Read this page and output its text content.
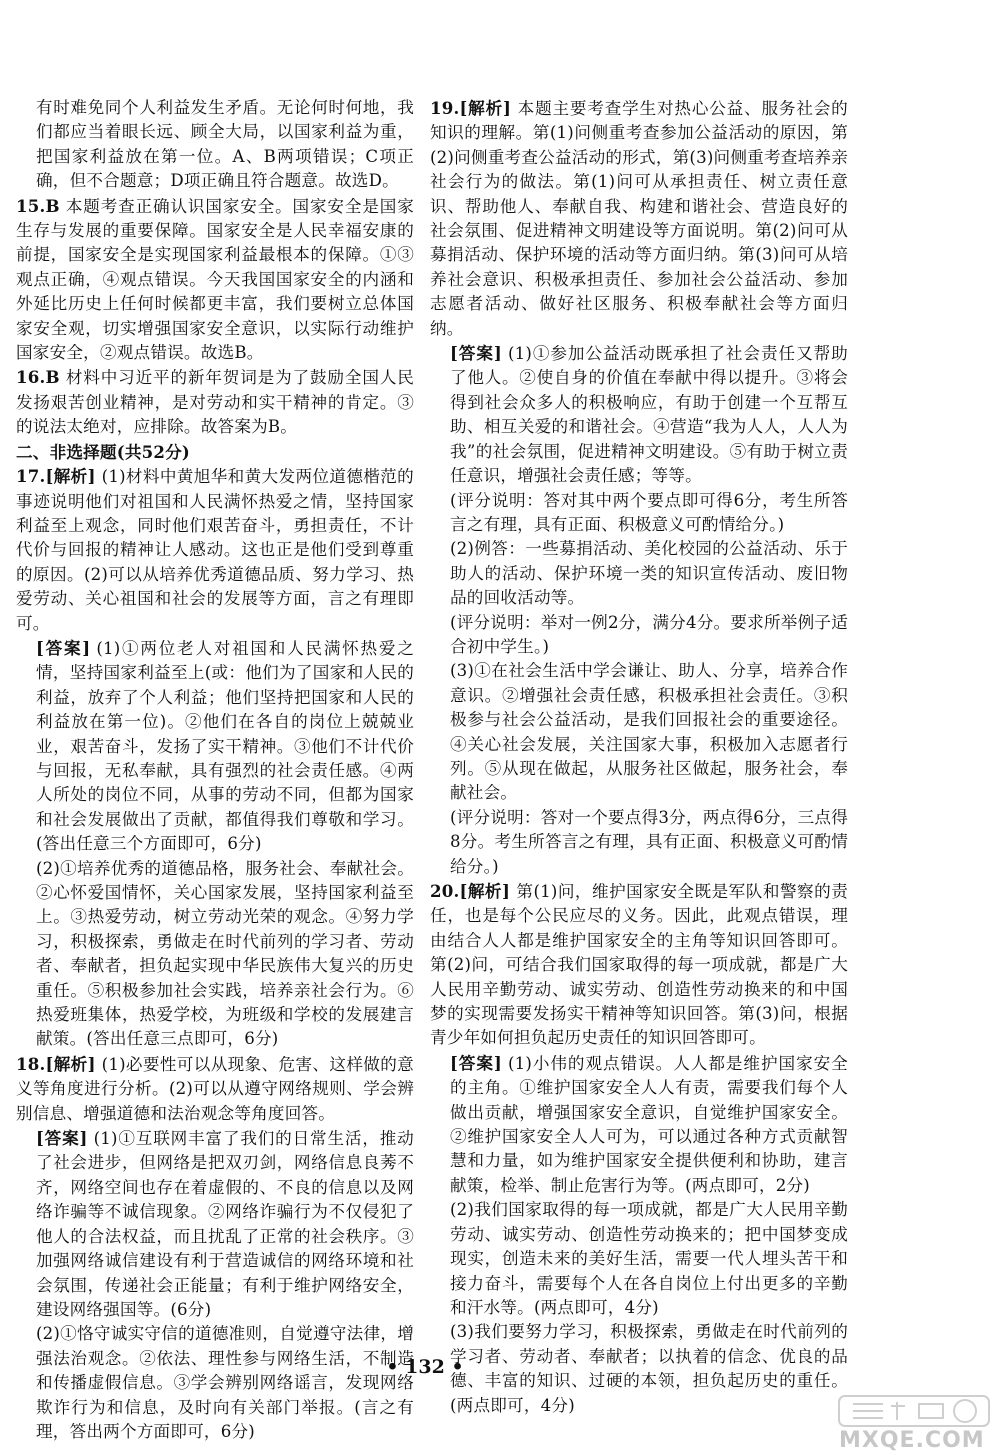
有时难免同个人利益发生矛盾。无论何时何地，我们都应当着眼长远、顾全大局，以国家利益为重，把国家利益放在第一位。A、B两项错误；C项正确，但不合题意；D项正确且符合题意。故选D。

15.B 本题考查正确认识国家安全。国家安全是国家生存与发展的重要保障。国家安全是人民幸福安康的前提，国家安全是实现国家利益最根本的保障。①③观点正确，④观点错误。今天我国国家安全的内涵和外延比历史上任何时候都更丰富，我们要树立总体国家安全观，切实增强国家安全意识，以实际行动维护国家安全，②观点错误。故选B。

16.B 材料中习近平的新年贺词是为了鼓励全国人民发扬艰苦创业精神，是对劳动和实干精神的肯定。③的说法太绝对，应排除。故答案为B。

二、非选择题(共52分)

17.[解析] (1)材料中黄旭华和黄大发两位道德楷范的事迹说明他们对祖国和人民满怀热爱之情，坚持国家利益至上观念，同时他们艰苦奋斗，勇担责任，不计代价与回报的精神让人感动。这也正是他们受到尊重的原因。(2)可以从培养优秀道德品质、努力学习、热爱劳动、关心祖国和社会的发展等方面，言之有理即可。

[答案] (1)①两位老人对祖国和人民满怀热爱之情，坚持国家利益至上(或：他们为了国家和人民的利益，放弃了个人利益；他们坚持把国家和人民的利益放在第一位)。②他们在各自的岗位上兢兢业业，艰苦奋斗，发扬了实干精神。③他们不计代价与回报，无私奉献，具有强烈的社会责任感。④两人所处的岗位不同，从事的劳动不同，但都为国家和社会发展做出了贡献，都值得我们尊敬和学习。(答出任意三个方面即可，6分)

(2)①培养优秀的道德品格，服务社会、奉献社会。②心怀爱国情怀，关心国家发展，坚持国家利益至上。③热爱劳动，树立劳动光荣的观念。④努力学习，积极探索，勇做走在时代前列的学习者、劳动者、奉献者，担负起实现中华民族伟大复兴的历史重任。⑤积极参加社会实践，培养亲社会行为。⑥热爱班集体，热爱学校，为班级和学校的发展建言献策。(答出任意三点即可，6分)

18.[解析] (1)必要性可以从现象、危害、这样做的意义等角度进行分析。(2)可以从遵守网络规则、学会辨别信息、增强道德和法治观念等角度回答。

[答案] (1)①互联网丰富了我们的日常生活，推动了社会进步，但网络是把双刃剑，网络信息良莠不齐，网络空间也存在着虚假的、不良的信息以及网络诈骗等不诚信现象。②网络诈骗行为不仅侵犯了他人的合法权益，而且扰乱了正常的社会秩序。③加强网络诚信建设有利于营造诚信的网络环境和社会氛围，传递社会正能量；有利于维护网络安全，建设网络强国等。(6分)

(2)①恪守诚实守信的道德准则，自觉遵守法律，增强法治观念。②依法、理性参与网络生活，不制造和传播虚假信息。③学会辨别网络谣言，发现网络欺诈行为和信息，及时向有关部门举报。(言之有理，答出两个方面即可，6分)

19.[解析] 本题主要考查学生对热心公益、服务社会的知识的理解。第(1)问侧重考查参加公益活动的原因，第(2)问侧重考查公益活动的形式，第(3)问侧重考查培养亲社会行为的做法。第(1)问可从承担责任、树立责任意识、帮助他人、奉献自我、构建和谐社会、营造良好的社会氛围、促进精神文明建设等方面说明。第(2)问可从募捐活动、保护环境的活动等方面归纳。第(3)问可从培养社会意识、积极承担责任、参加社会公益活动、参加志愿者活动、做好社区服务、积极奉献社会等方面归纳。

[答案] (1)①参加公益活动既承担了社会责任又帮助了他人。②使自身的价值在奉献中得以提升。③将会得到社会众多人的积极响应，有助于创建一个互帮互助、相互关爱的和谐社会。④营造“我为人人，人人为我”的社会氛围，促进精神文明建设。⑤有助于树立责任意识，增强社会责任感；等等。

(评分说明：答对其中两个要点即可得6分，考生所答言之有理，具有正面、积极意义可酌情给分。)

(2)例答：一些募捐活动、美化校园的公益活动、乐于助人的活动、保护环境一类的知识宣传活动、废旧物品的回收活动等。

(评分说明：举对一例2分，满分4分。要求所举例子适合初中学生。)

(3)①在社会生活中学会谦让、助人、分享，培养合作意识。②增强社会责任感，积极承担社会责任。③积极参与社会公益活动，是我们回报社会的重要途径。④关心社会发展，关注国家大事，积极加入志愿者行列。⑤从现在做起，从服务社区做起，服务社会，奉献社会。

(评分说明：答对一个要点得3分，两点得6分，三点得8分。考生所答言之有理，具有正面、积极意义可酌情给分。)

20.[解析] 第(1)问，维护国家安全既是军队和警察的责任，也是每个公民应尽的义务。因此，此观点错误，理由结合人人都是维护国家安全的主角等知识回答即可。第(2)问，可结合我们国家取得的每一项成就，都是广大人民用辛勤劳动、诚实劳动、创造性劳动换来的和中国梦的实现需要发扬实干精神等知识回答。第(3)问，根据青少年如何担负起历史责任的知识回答即可。

[答案] (1)小伟的观点错误。人人都是维护国家安全的主角。①维护国家安全人人有责，需要我们每个人做出贡献，增强国家安全意识，自觉维护国家安全。②维护国家安全人人可为，可以通过各种方式贡献智慧和力量，如为维护国家安全提供便利和协助，建言献策，检举、制止危害行为等。(两点即可，2分)

(2)我们国家取得的每一项成就，都是广大人民用辛勤劳动、诚实劳动、创造性劳动换来的；把中国梦变成现实，创造未来的美好生活，需要一代人埋头苦干和接力奋斗，需要每个人在各自岗位上付出更多的辛勤和汗水等。(两点即可，4分)

(3)我们要努力学习，积极探索，勇做走在时代前列的学习者、劳动者、奉献者；以执着的信念、优良的品德、丰富的知识、过硬的本领，担负起历史的重任。(两点即可，4分)

• 132 •
MXQE.COM
